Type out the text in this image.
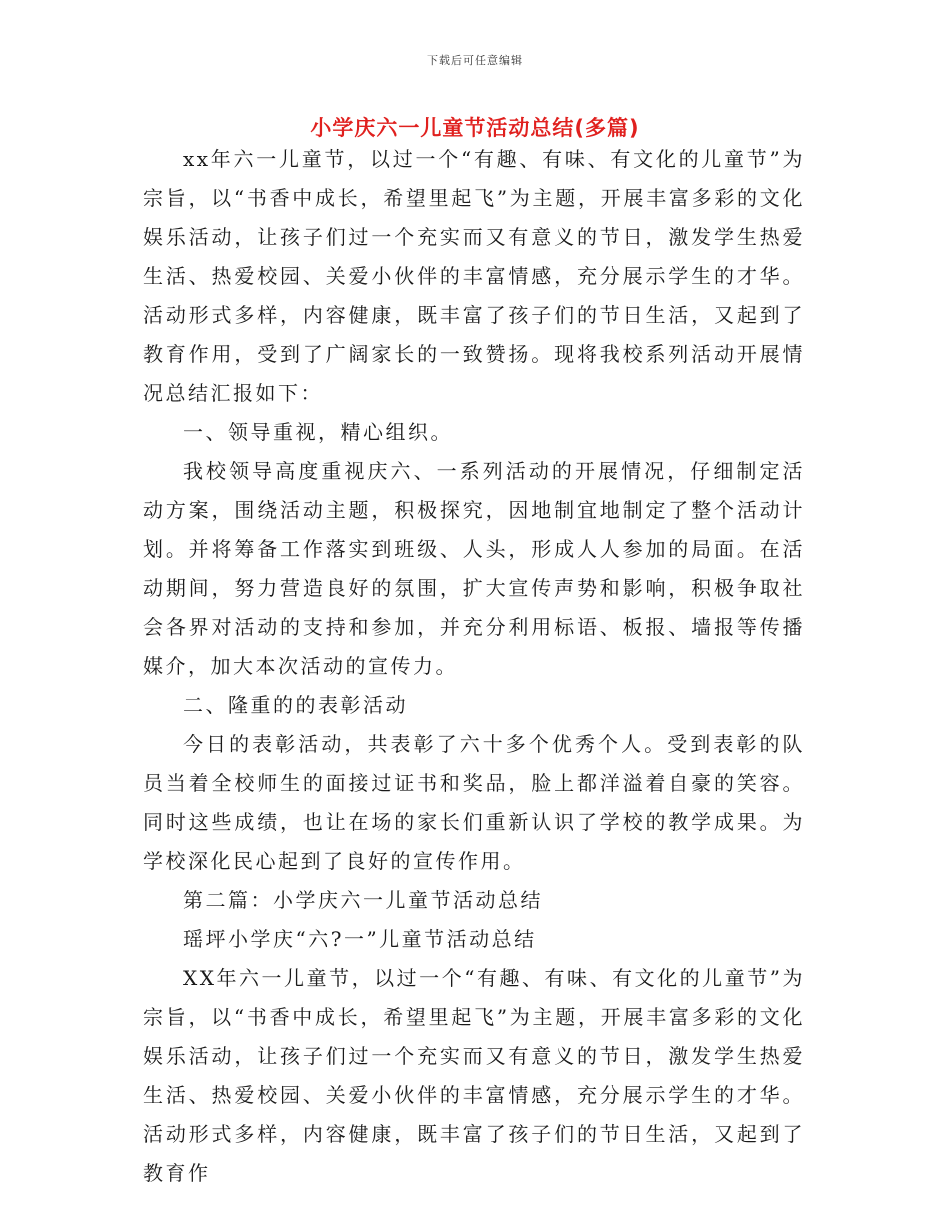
下载后可任意编辑
小学庆六一儿童节活动总结(多篇)

xx年六一儿童节，以过一个“有趣、有味、有文化的儿童节”为宗旨，以“书香中成长，希望里起飞”为主题，开展丰富多彩的文化娱乐活动，让孩子们过一个充实而又有意义的节日，激发学生热爱生活、热爱校园、关爱小伙伴的丰富情感，充分展示学生的才华。活动形式多样，内容健康，既丰富了孩子们的节日生活，又起到了教育作用，受到了广阔家长的一致赞扬。现将我校系列活动开展情况总结汇报如下：

一、领导重视，精心组织。

我校领导高度重视庆六、一系列活动的开展情况，仔细制定活动方案，围绕活动主题，积极探究，因地制宜地制定了整个活动计划。并将筹备工作落实到班级、人头，形成人人参加的局面。在活动期间，努力营造良好的氛围，扩大宣传声势和影响，积极争取社会各界对活动的支持和参加，并充分利用标语、板报、墙报等传播媒介，加大本次活动的宣传力。

二、隆重的的表彰活动

今日的表彰活动，共表彰了六十多个优秀个人。受到表彰的队员当着全校师生的面接过证书和奖品，脸上都洋溢着自豪的笑容。同时这些成绩，也让在场的家长们重新认识了学校的教学成果。为学校深化民心起到了良好的宣传作用。

第二篇：小学庆六一儿童节活动总结

瑶坪小学庆“六?一”儿童节活动总结

XX年六一儿童节，以过一个“有趣、有味、有文化的儿童节”为宗旨，以“书香中成长，希望里起飞”为主题，开展丰富多彩的文化娱乐活动，让孩子们过一个充实而又有意义的节日，激发学生热爱生活、热爱校园、关爱小伙伴的丰富情感，充分展示学生的才华。活动形式多样，内容健康，既丰富了孩子们的节日生活，又起到了教育作
